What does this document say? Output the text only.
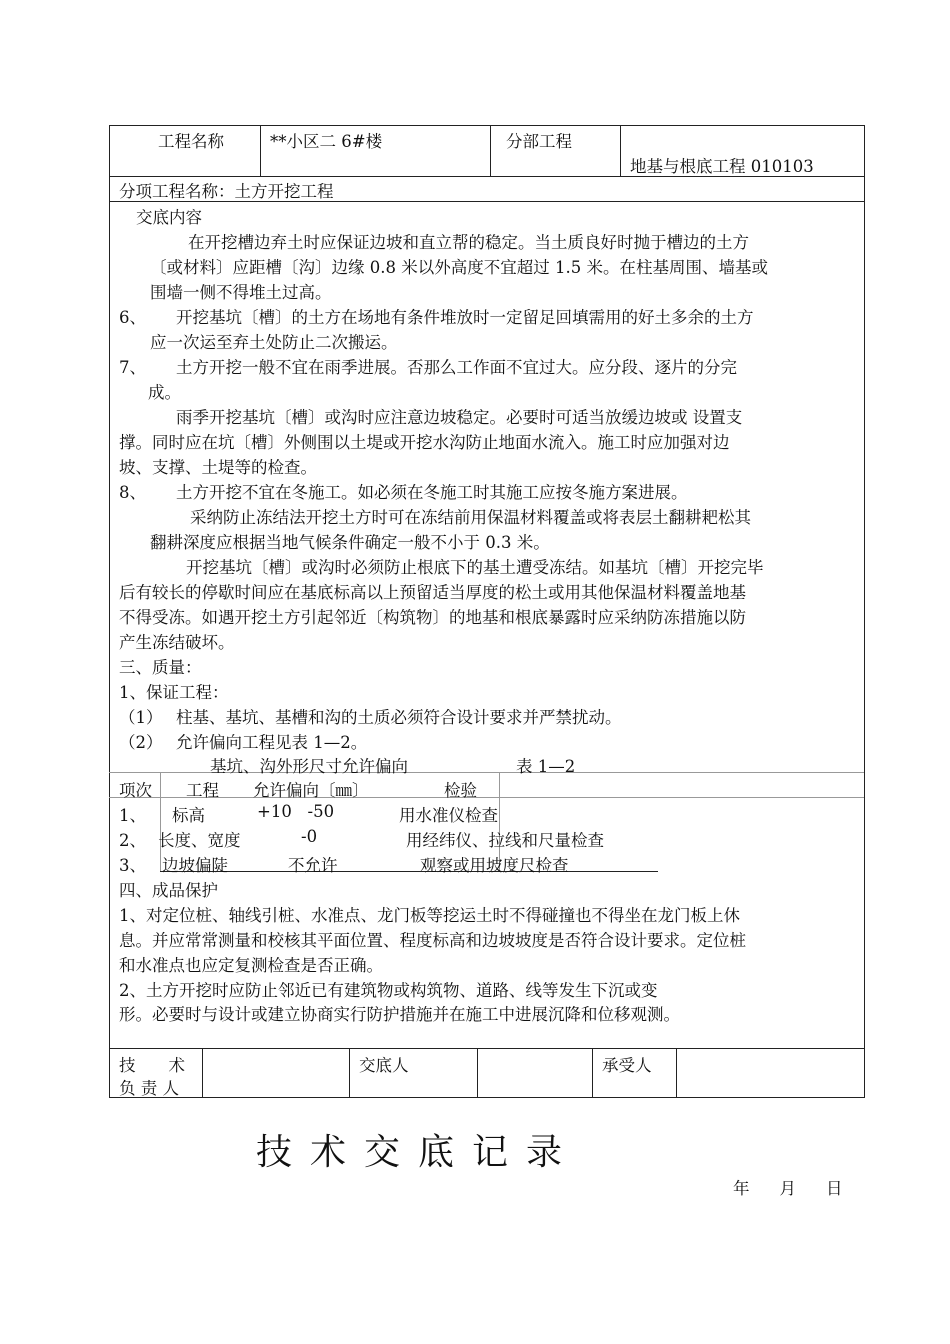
工程名称	**小区二 6#楼	分部工程
地基与根底工程 010103
分项工程名称：土方开挖工程
交底内容
在开挖槽边弃土时应保证边坡和直立帮的稳定。当土质良好时抛于槽边的土方
〔或材料〕应距槽〔沟〕边缘 0.8 米以外高度不宜超过 1.5 米。在柱基周围、墙基或
围墙一侧不得堆土过高。
6、 开挖基坑〔槽〕的土方在场地有条件堆放时一定留足回填需用的好土多余的土方
应一次运至弃土处防止二次搬运。
7、 土方开挖一般不宜在雨季进展。否那么工作面不宜过大。应分段、逐片的分完
成。
雨季开挖基坑〔槽〕或沟时应注意边坡稳定。必要时可适当放缓边坡或 设置支
撑。同时应在坑〔槽〕外侧围以土堤或开挖水沟防止地面水流入。施工时应加强对边
坡、支撑、土堤等的检查。
8、 土方开挖不宜在冬施工。如必须在冬施工时其施工应按冬施方案进展。
采纳防止冻结法开挖土方时可在冻结前用保温材料覆盖或将表层土翻耕耙松其
翻耕深度应根据当地气候条件确定一般不小于 0.3 米。
开挖基坑〔槽〕或沟时必须防止根底下的基土遭受冻结。如基坑〔槽〕开挖完毕
后有较长的停歇时间应在基底标高以上预留适当厚度的松土或用其他保温材料覆盖地基
不得受冻。如遇开挖土方引起邻近〔构筑物〕的地基和根底暴露时应采纳防冻措施以防
产生冻结破坏。
三、质量：
1、保证工程：
（1） 柱基、基坑、基槽和沟的土质必须符合设计要求并严禁扰动。
（2） 允许偏向工程见表 1—2。
基坑、沟外形尺寸允许偏向	表 1—2
项次 工程 允许偏向〔㎜〕	检验
1、 标高	+10   -50	用水准仪检查
2、 长度、宽度	-0	用经纬仪、拉线和尺量检查
3、 边坡偏陡	不允许	观察或用坡度尺检查
四、成品保护
1、对定位桩、轴线引桩、水准点、龙门板等挖运土时不得碰撞也不得坐在龙门板上休
息。并应常常测量和校核其平面位置、程度标高和边坡坡度是否符合设计要求。定位桩
和水准点也应定复测检查是否正确。
2、土方开挖时应防止邻近已有建筑物或构筑物、道路、线等发生下沉或变
形。必要时与设计或建立协商实行防护措施并在施工中进展沉降和位移观测。
技　　术
负 责 人
交底人	承受人
技术交底记录
年 月 日
